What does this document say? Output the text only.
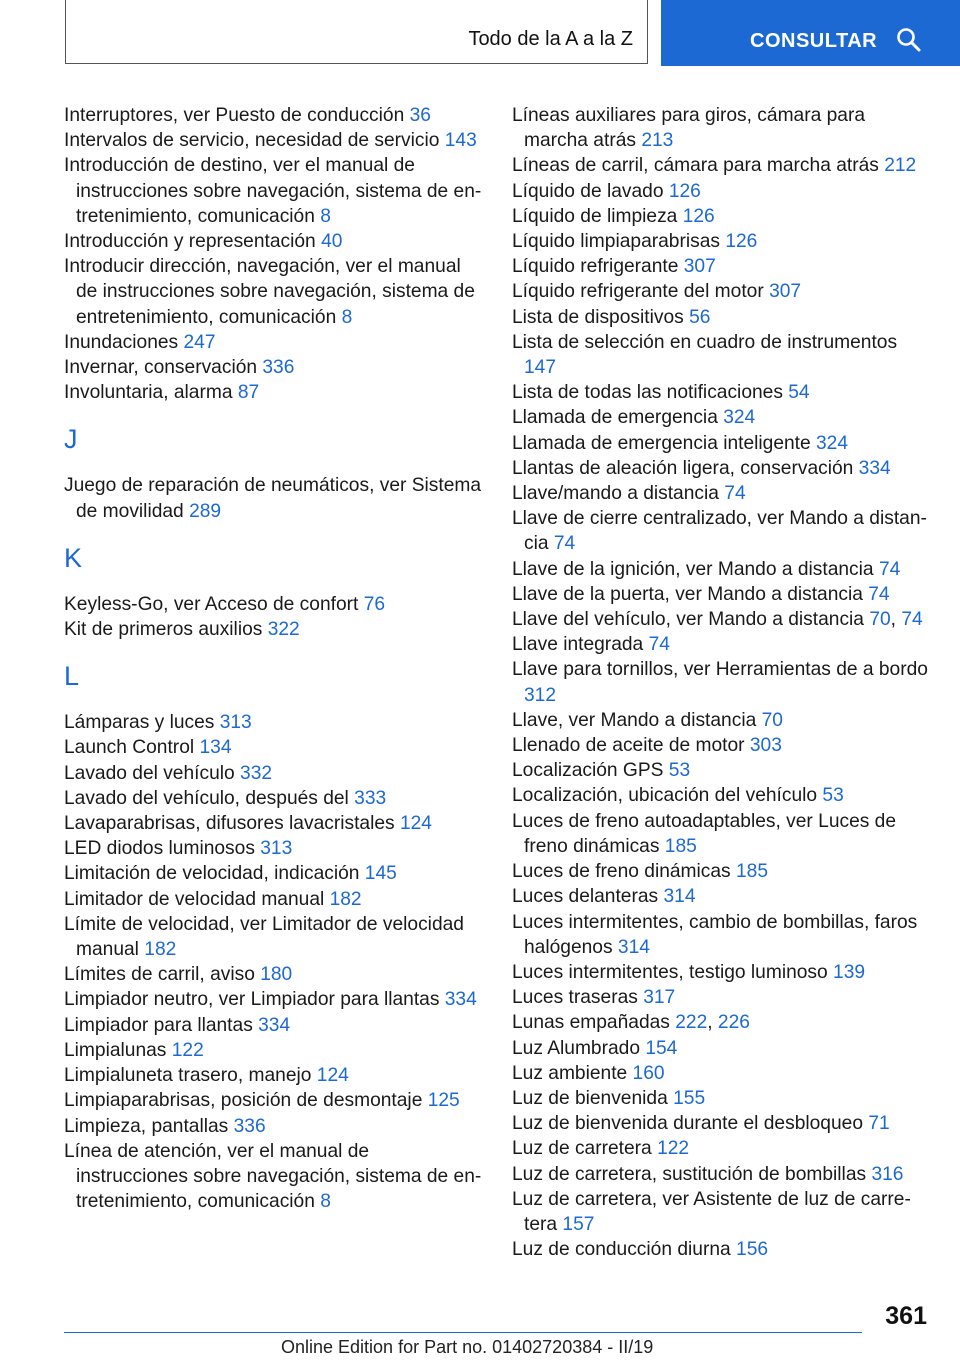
Todo de la A a la Z	CONSULTAR
Interruptores, ver Puesto de conducción 36
Intervalos de servicio, necesidad de servicio 143
Introducción de destino, ver el manual de instrucciones sobre navegación, sistema de entretenimiento, comunicación 8
Introducción y representación 40
Introducir dirección, navegación, ver el manual de instrucciones sobre navegación, sistema de entretenimiento, comunicación 8
Inundaciones 247
Invernar, conservación 336
Involuntaria, alarma 87
J
Juego de reparación de neumáticos, ver Sistema de movilidad 289
K
Keyless-Go, ver Acceso de confort 76
Kit de primeros auxilios 322
L
Lámparas y luces 313
Launch Control 134
Lavado del vehículo 332
Lavado del vehículo, después del 333
Lavaparabrisas, difusores lavacristales 124
LED diodos luminosos 313
Limitación de velocidad, indicación 145
Limitador de velocidad manual 182
Límite de velocidad, ver Limitador de velocidad manual 182
Límites de carril, aviso 180
Limpiador neutro, ver Limpiador para llantas 334
Limpiador para llantas 334
Limpialunas 122
Limpialuneta trasero, manejo 124
Limpiaparabrisas, posición de desmontaje 125
Limpieza, pantallas 336
Línea de atención, ver el manual de instrucciones sobre navegación, sistema de entretenimiento, comunicación 8
Líneas auxiliares para giros, cámara para marcha atrás 213
Líneas de carril, cámara para marcha atrás 212
Líquido de lavado 126
Líquido de limpieza 126
Líquido limpiaparabrisas 126
Líquido refrigerante 307
Líquido refrigerante del motor 307
Lista de dispositivos 56
Lista de selección en cuadro de instrumentos 147
Lista de todas las notificaciones 54
Llamada de emergencia 324
Llamada de emergencia inteligente 324
Llantas de aleación ligera, conservación 334
Llave/mando a distancia 74
Llave de cierre centralizado, ver Mando a distancia 74
Llave de la ignición, ver Mando a distancia 74
Llave de la puerta, ver Mando a distancia 74
Llave del vehículo, ver Mando a distancia 70, 74
Llave integrada 74
Llave para tornillos, ver Herramientas de a bordo 312
Llave, ver Mando a distancia 70
Llenado de aceite de motor 303
Localización GPS 53
Localización, ubicación del vehículo 53
Luces de freno autoadaptables, ver Luces de freno dinámicas 185
Luces de freno dinámicas 185
Luces delanteras 314
Luces intermitentes, cambio de bombillas, faros halógenos 314
Luces intermitentes, testigo luminoso 139
Luces traseras 317
Lunas empañadas 222, 226
Luz Alumbrado 154
Luz ambiente 160
Luz de bienvenida 155
Luz de bienvenida durante el desbloqueo 71
Luz de carretera 122
Luz de carretera, sustitución de bombillas 316
Luz de carretera, ver Asistente de luz de carretera 157
Luz de conducción diurna 156
361
Online Edition for Part no. 01402720384 - II/19
